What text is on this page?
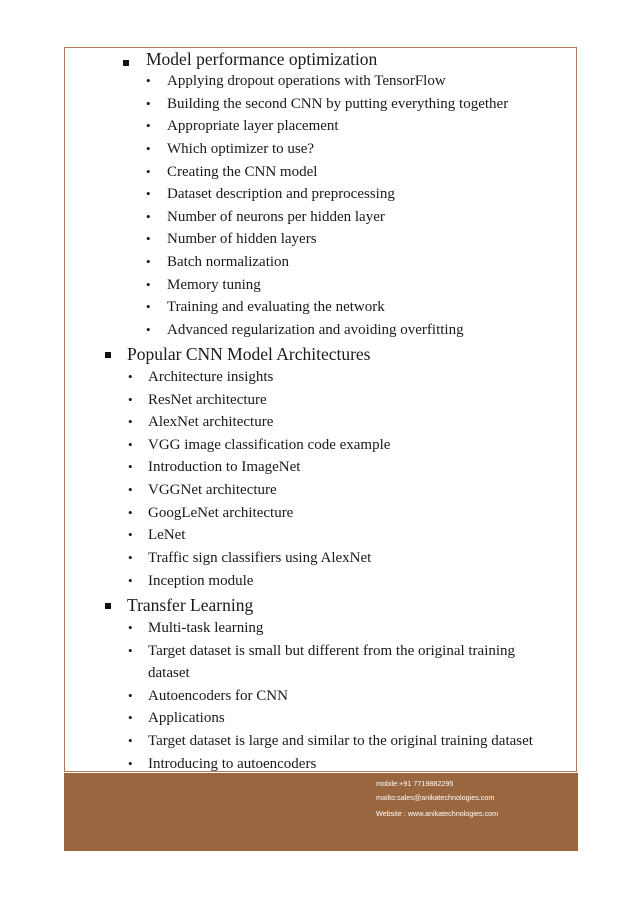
Model performance optimization
• Applying dropout operations with TensorFlow
• Building the second CNN by putting everything together
• Appropriate layer placement
• Which optimizer to use?
• Creating the CNN model
• Dataset description and preprocessing
• Number of neurons per hidden layer
• Number of hidden layers
• Batch normalization
• Memory tuning
• Training and evaluating the network
• Advanced regularization and avoiding overfitting
Popular CNN Model Architectures
• Architecture insights
• ResNet architecture
• AlexNet architecture
• VGG image classification code example
• Introduction to ImageNet
• VGGNet architecture
• GoogLeNet architecture
• LeNet
• Traffic sign classifiers using AlexNet
• Inception module
Transfer Learning
• Multi-task learning
• Target dataset is small but different from the original training
dataset
• Autoencoders for CNN
• Applications
• Target dataset is large and similar to the original training dataset
• Introducing to autoencoders
mobile:+91 7719882295
mailto:sales@anikatechnologies.com
Website : www.anikatechnologies.com
